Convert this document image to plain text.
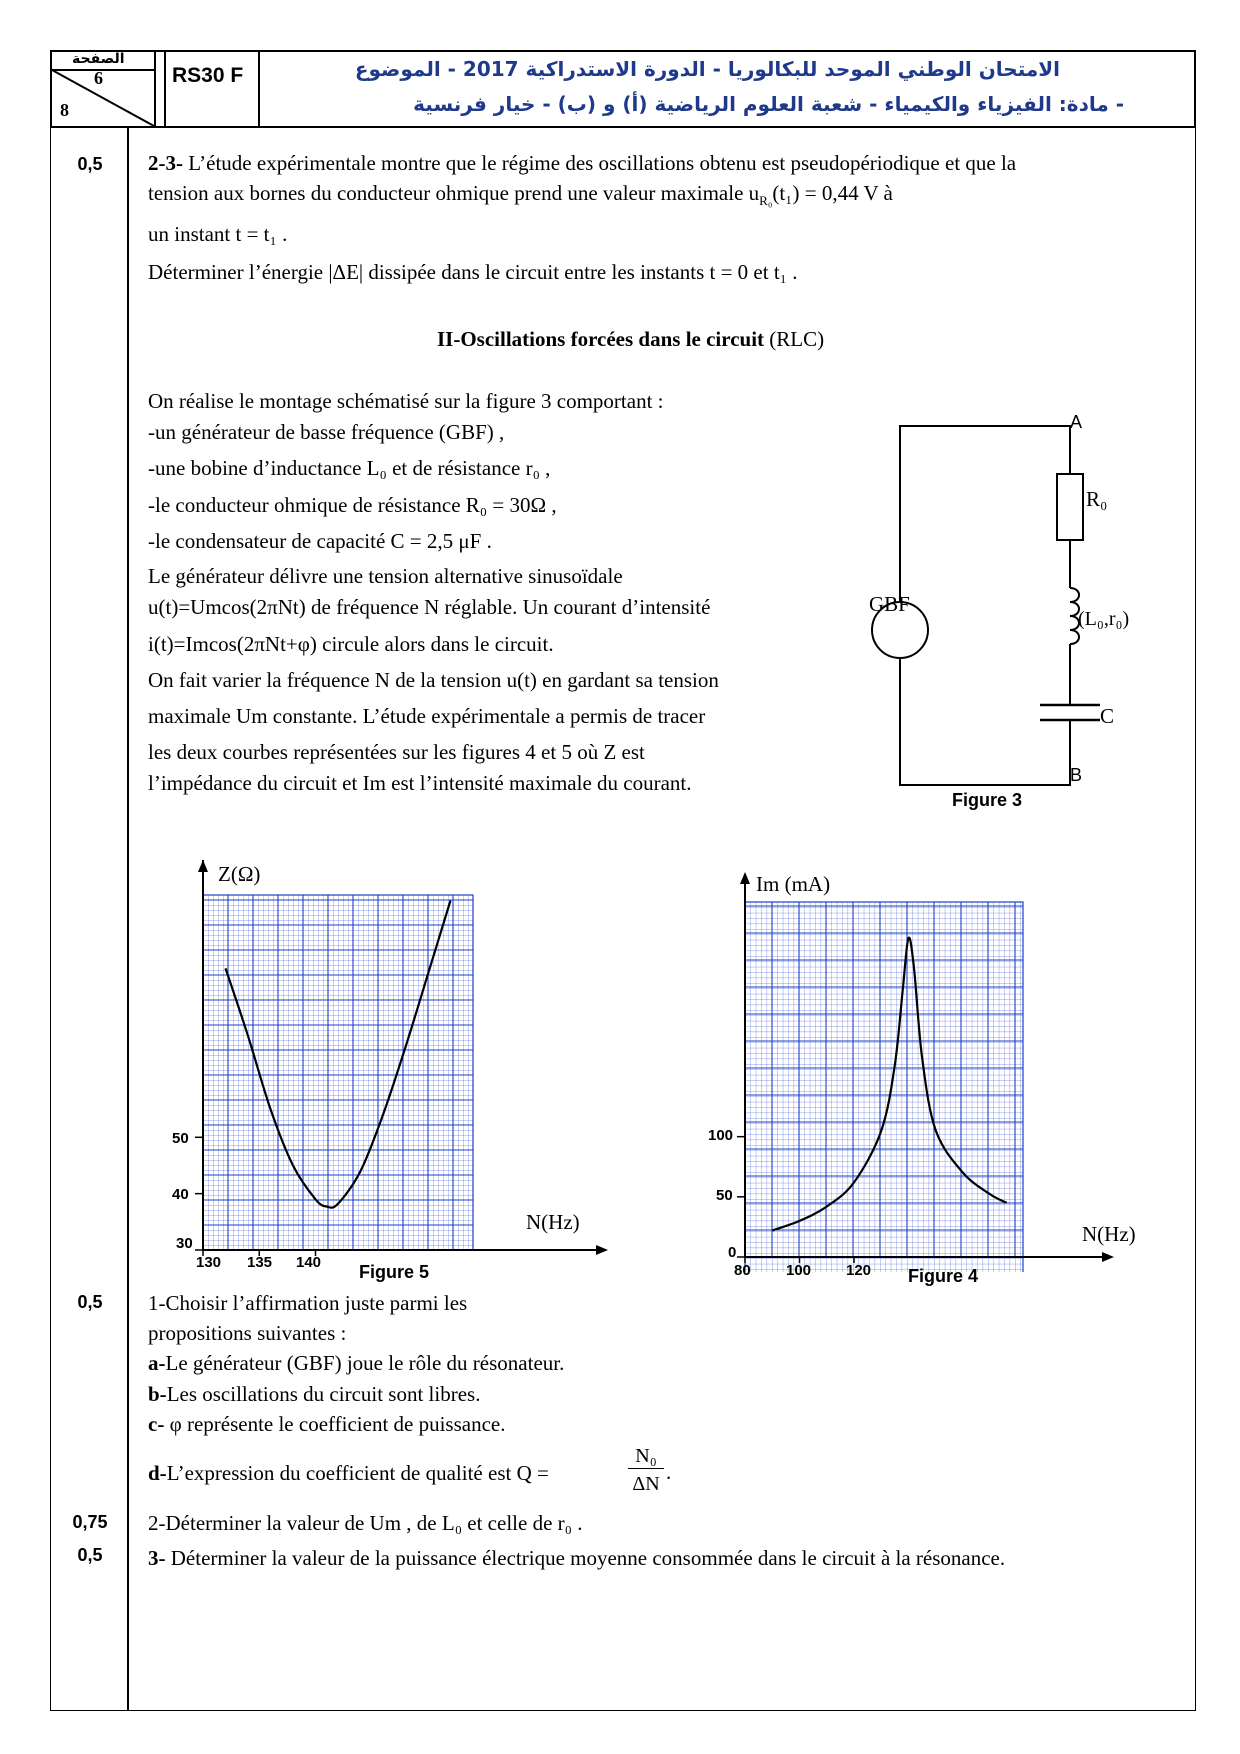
الصفحة
6
8
RS30 F	الامتحان الوطني الموحد للبكالوريا - الدورة الاستدراكية 2017 - الموضوع
- مادة: الفيزياء والكيمياء - شعبة العلوم الرياضية (أ) و (ب) - خيار فرنسية
0,5
0,5
0,75
0,5
2-3- L’étude expérimentale montre que le régime des oscillations obtenu est pseudopériodique et que la
tension aux bornes du conducteur ohmique prend une valeur maximale $u_{R_0}(t_1) = 0,44$ V à
un instant t = t₁ .
Déterminer l’énergie |ΔE| dissipée dans le circuit entre les instants t = 0 et t₁ .
II-Oscillations forcées dans le circuit (RLC)
On réalise le montage schématisé sur la figure 3 comportant :
-un générateur de basse fréquence (GBF) ,
-une bobine d’inductance L₀ et de résistance r₀ ,
-le conducteur ohmique de résistance R₀ = 30Ω ,
-le condensateur de capacité C = 2,5 μF .
Le générateur délivre une tension alternative sinusoïdale
u(t)=Umcos(2πNt) de fréquence N réglable. Un courant d’intensité
i(t)=Imcos(2πNt+φ) circule alors dans le circuit.
On fait varier la fréquence N de la tension u(t) en gardant sa tension
maximale Um constante. L’étude expérimentale a permis de tracer
les deux courbes représentées sur les figures 4 et 5 où Z est
l’impédance du circuit et Im est l’intensité maximale du courant.
A
B
R₀
GBF
(L₀,r₀)
C
Figure 3
Z(Ω)
N(Hz)
130 135 140
30
40
50
Figure 5
Im (mA)
N(Hz)
80 100 120
0
50
100
Figure 4
1-Choisir l’affirmation juste parmi les
propositions suivantes :
a-Le générateur (GBF) joue le rôle du résonateur.
b-Les oscillations du circuit sont libres.
c- φ représente le coefficient de puissance.
d-L’expression du coefficient de qualité est Q =
N₀
ΔN .
2-Déterminer la valeur de Um , de L₀ et celle de r₀ .
3- Déterminer la valeur de la puissance électrique moyenne consommée dans le circuit à la résonance.
